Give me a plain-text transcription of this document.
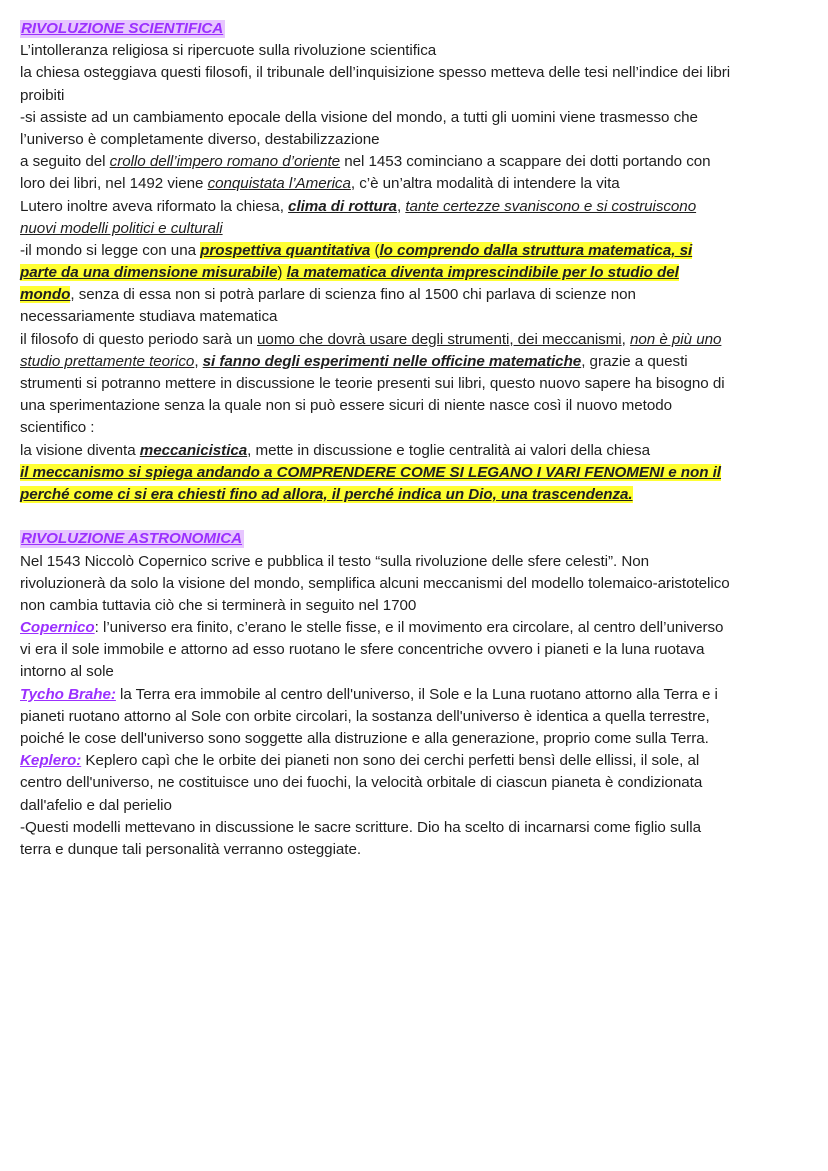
RIVOLUZIONE SCIENTIFICA
L’intolleranza religiosa si ripercuote sulla rivoluzione scientifica
la chiesa osteggiava questi filosofi, il tribunale dell’inquisizione spesso metteva delle tesi nell’indice dei libri
proibiti
-si assiste ad un cambiamento epocale della visione del mondo, a tutti gli uomini viene trasmesso che
l’universo è completamente diverso, destabilizzazione
a seguito del crollo dell’impero romano d’oriente nel 1453 cominciano a scappare dei dotti portando con
loro dei libri, nel 1492 viene conquistata l’America, c’è un’altra modalità di intendere la vita
Lutero inoltre aveva riformato la chiesa, clima di rottura, tante certezze svaniscono e si costruiscono
nuovi modelli politici e culturali
-il mondo si legge con una prospettiva quantitativa (lo comprendo dalla struttura matematica, si
parte da una dimensione misurabile) la matematica diventa imprescindibile per lo studio del
mondo, senza di essa non si potrà parlare di scienza fino al 1500 chi parlava di scienze non
necessariamente studiava matematica
il filosofo di questo periodo sarà un uomo che dovrà usare degli strumenti, dei meccanismi, non è più uno
studio prettamente teorico, si fanno degli esperimenti nelle officine matematiche, grazie a questi
strumenti si potranno mettere in discussione le teorie presenti sui libri, questo nuovo sapere ha bisogno di
una sperimentazione senza la quale non si può essere sicuri di niente nasce così il nuovo metodo
scientifico :
la visione diventa meccanicistica, mette in discussione e toglie centralità ai valori della chiesa
il meccanismo si spiega andando a COMPRENDERE COME SI LEGANO I VARI FENOMENI e non il
perché come ci si era chiesti fino ad allora, il perché indica un Dio, una trascendenza.
RIVOLUZIONE ASTRONOMICA
Nel 1543 Niccolò Copernico scrive e pubblica il testo “sulla rivoluzione delle sfere celesti”. Non
rivoluzionerà da solo la visione del mondo, semplifica alcuni meccanismi del modello tolemaico-aristotelico
non cambia tuttavia ciò che si terminerà in seguito nel 1700
Copernico: l’universo era finito, c’erano le stelle fisse, e il movimento era circolare, al centro dell’universo
vi era il sole immobile e attorno ad esso ruotano le sfere concentriche ovvero i pianeti e la luna ruotava
intorno al sole
Tycho Brahe: la Terra era immobile al centro dell'universo, il Sole e la Luna ruotano attorno alla Terra e i
pianeti ruotano attorno al Sole con orbite circolari, la sostanza dell'universo è identica a quella terrestre,
poiché le cose dell'universo sono soggette alla distruzione e alla generazione, proprio come sulla Terra.
Keplero: Keplero capì che le orbite dei pianeti non sono dei cerchi perfetti bensì delle ellissi, il sole, al
centro dell'universo, ne costituisce uno dei fuochi, la velocità orbitale di ciascun pianeta è condizionata
dall'afelio e dal perielio
-Questi modelli mettevano in discussione le sacre scritture. Dio ha scelto di incarnarsi come figlio sulla
terra e dunque tali personalità verranno osteggiate.
